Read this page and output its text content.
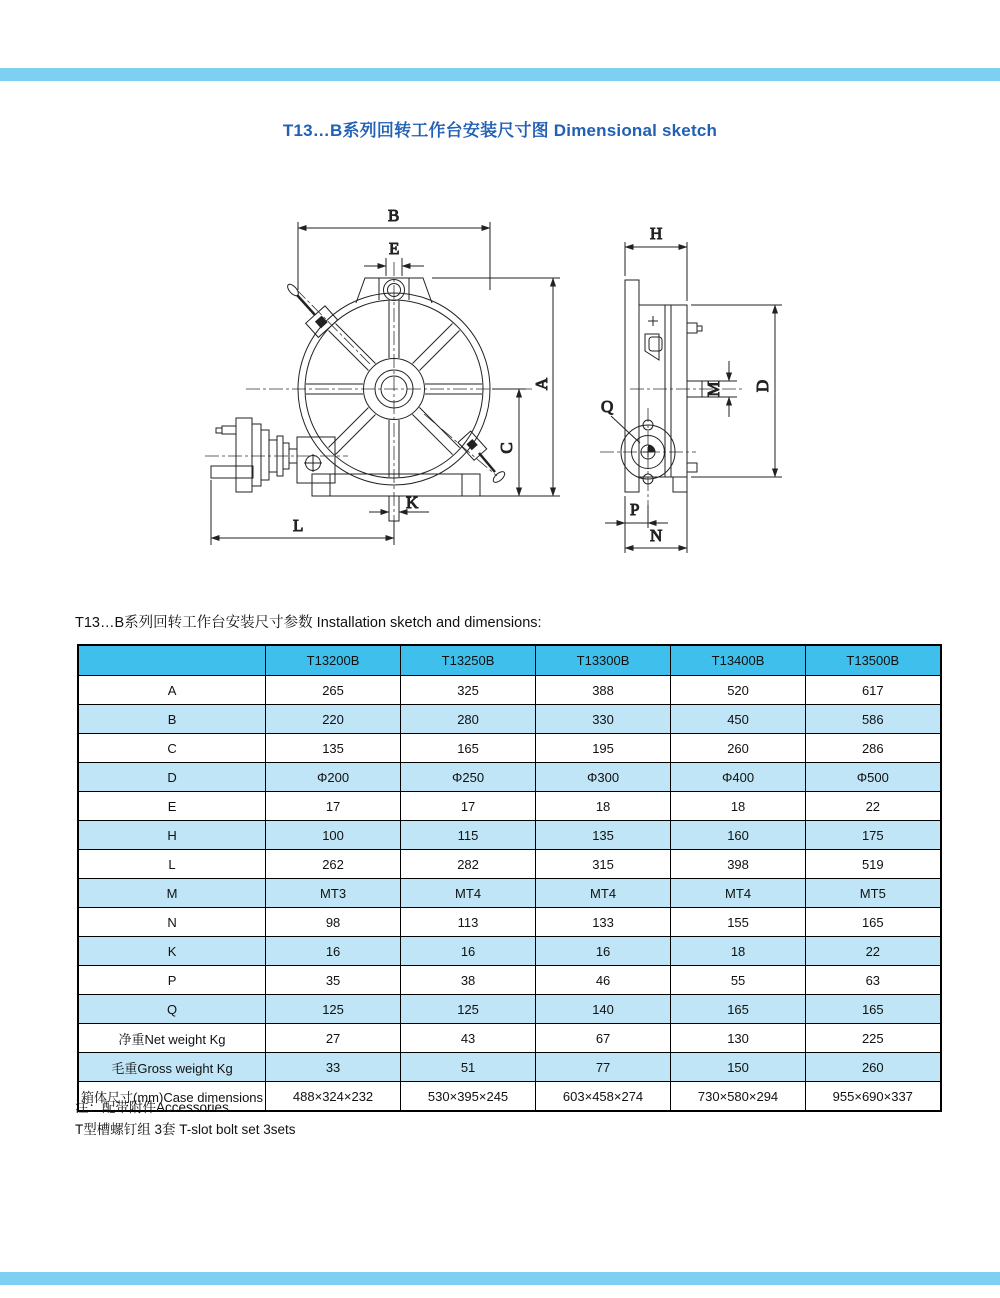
T13…B系列回转工作台安装尺寸图 Dimensional sketch
B
E
A
C
K
L
H
M D
Q
P
N
T13…B系列回转工作台安装尺寸参数 Installation sketch and dimensions:
	T13200B	T13250B	T13300B	T13400B	T13500B
A	265	325	388	520	617
B	220	280	330	450	586
C	135	165	195	260	286
D	Φ200	Φ250	Φ300	Φ400	Φ500
E	17	17	18	18	22
H	100	115	135	160	175
L	262	282	315	398	519
M	MT3	MT4	MT4	MT4	MT5
N	98	113	133	155	165
K	16	16	16	18	22
P	35	38	46	55	63
Q	125	125	140	165	165
净重Net weight Kg	27	43	67	130	225
毛重Gross weight Kg	33	51	77	150	260
箱体尺寸(mm)Case dimensions	488×324×232	530×395×245	603×458×274	730×580×294	955×690×337
注：配带附件Accessories
T型槽螺钉组 3套 T-slot bolt set 3sets
